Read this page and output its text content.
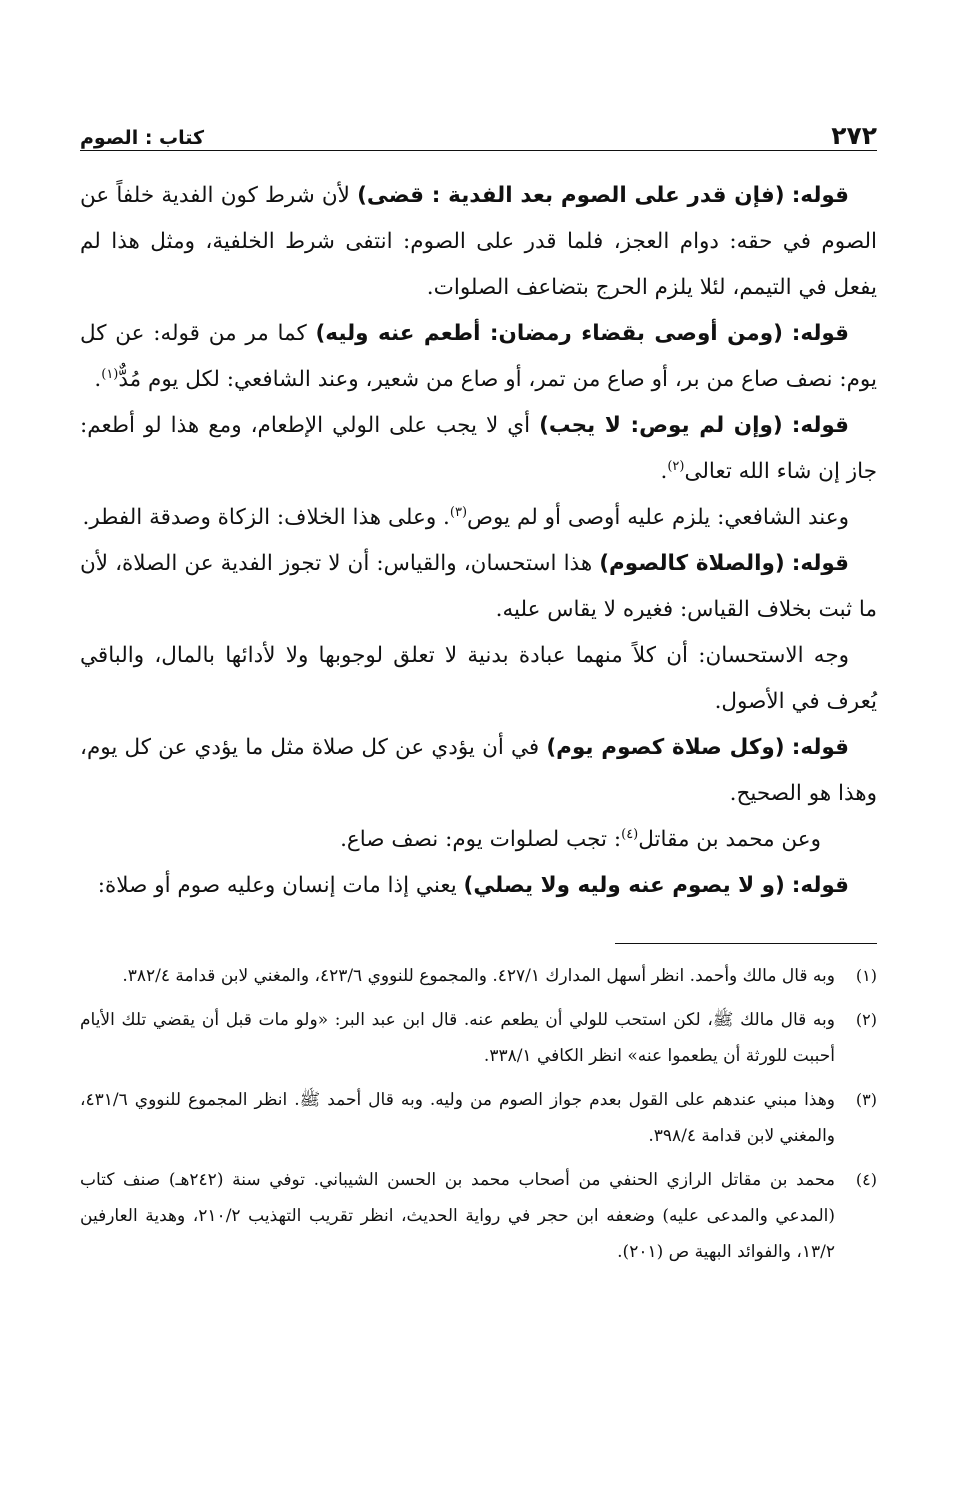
٢٧٢
كتاب : الصوم

قوله: (فإن قدر على الصوم بعد الفدية : قضى) لأن شرط كون الفدية خلفاً عن الصوم في حقه: دوام العجز، فلما قدر على الصوم: انتفى شرط الخلفية، ومثل هذا لم يفعل في التيمم، لئلا يلزم الحرج بتضاعف الصلوات.

قوله: (ومن أوصى بقضاء رمضان: أطعم عنه وليه) كما مر من قوله: عن كل يوم: نصف صاع من بر، أو صاع من تمر، أو صاع من شعير، وعند الشافعي: لكل يوم مُدٌّ$^{(١)}$.

قوله: (وإن لم يوص: لا يجب) أي لا يجب على الولي الإطعام، ومع هذا لو أطعم: جاز إن شاء الله تعالى$^{(٢)}$.

وعند الشافعي: يلزم عليه أوصى أو لم يوص$^{(٣)}$. وعلى هذا الخلاف: الزكاة وصدقة الفطر.

قوله: (والصلاة كالصوم) هذا استحسان، والقياس: أن لا تجوز الفدية عن الصلاة، لأن ما ثبت بخلاف القياس: فغيره لا يقاس عليه.

وجه الاستحسان: أن كلاً منهما عبادة بدنية لا تعلق لوجوبها ولا لأدائها بالمال، والباقي يُعرف في الأصول.

قوله: (وكل صلاة كصوم يوم) في أن يؤدي عن كل صلاة مثل ما يؤدي عن كل يوم، وهذا هو الصحيح.

وعن محمد بن مقاتل$^{(٤)}$: تجب لصلوات يوم: نصف صاع.

قوله: (و لا يصوم عنه وليه ولا يصلي) يعني إذا مات إنسان وعليه صوم أو صلاة:

(١)
وبه قال مالك وأحمد. انظر أسهل المدارك ٤٢٧/١. والمجموع للنووي ٤٢٣/٦، والمغني لابن قدامة ٣٨٢/٤.
(٢)
وبه قال مالك ﷺ، لكن استحب للولي أن يطعم عنه. قال ابن عبد البر: «ولو مات قبل أن يقضي تلك الأيام أحببت للورثة أن يطعموا عنه» انظر الكافي ٣٣٨/١.
(٣)
وهذا مبني عندهم على القول بعدم جواز الصوم من وليه. وبه قال أحمد ﷺ. انظر المجموع للنووي ٤٣١/٦، والمغني لابن قدامة ٣٩٨/٤.
(٤)
محمد بن مقاتل الرازي الحنفي من أصحاب محمد بن الحسن الشيباني. توفي سنة (٢٤٢هـ) صنف كتاب (المدعي والمدعى عليه) وضعفه ابن حجر في رواية الحديث، انظر تقريب التهذيب ٢١٠/٢، وهدية العارفين ١٣/٢، والفوائد البهية ص (٢٠١).
